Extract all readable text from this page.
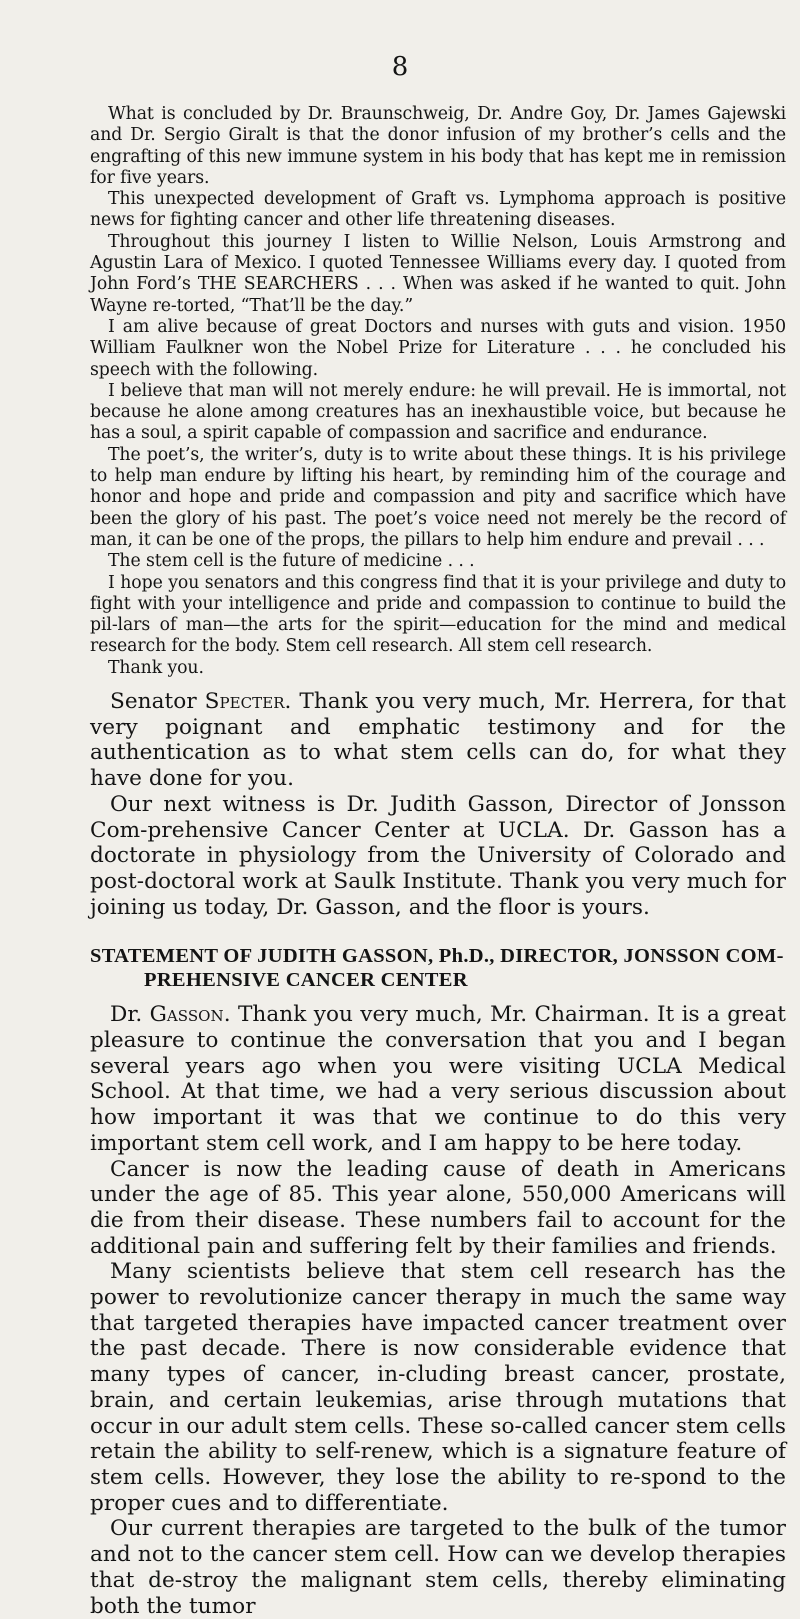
8

What is concluded by Dr. Braunschweig, Dr. Andre Goy, Dr. James Gajewski and Dr. Sergio Giralt is that the donor infusion of my brother’s cells and the engrafting of this new immune system in his body that has kept me in remission for five years.

This unexpected development of Graft vs. Lymphoma approach is positive news for fighting cancer and other life threatening diseases.

Throughout this journey I listen to Willie Nelson, Louis Armstrong and Agustin Lara of Mexico. I quoted Tennessee Williams every day. I quoted from John Ford’s THE SEARCHERS . . . When was asked if he wanted to quit. John Wayne re-torted, “That’ll be the day.”

I am alive because of great Doctors and nurses with guts and vision. 1950 William Faulkner won the Nobel Prize for Literature . . . he concluded his speech with the following.

I believe that man will not merely endure: he will prevail. He is immortal, not because he alone among creatures has an inexhaustible voice, but because he has a soul, a spirit capable of compassion and sacrifice and endurance.

The poet’s, the writer’s, duty is to write about these things. It is his privilege to help man endure by lifting his heart, by reminding him of the courage and honor and hope and pride and compassion and pity and sacrifice which have been the glory of his past. The poet’s voice need not merely be the record of man, it can be one of the props, the pillars to help him endure and prevail . . .

The stem cell is the future of medicine . . .

I hope you senators and this congress find that it is your privilege and duty to fight with your intelligence and pride and compassion to continue to build the pil-lars of man—the arts for the spirit—education for the mind and medical research for the body. Stem cell research. All stem cell research.

Thank you.

Senator Specter. Thank you very much, Mr. Herrera, for that very poignant and emphatic testimony and for the authentication as to what stem cells can do, for what they have done for you.

Our next witness is Dr. Judith Gasson, Director of Jonsson Com-prehensive Cancer Center at UCLA. Dr. Gasson has a doctorate in physiology from the University of Colorado and post-doctoral work at Saulk Institute. Thank you very much for joining us today, Dr. Gasson, and the floor is yours.

STATEMENT OF JUDITH GASSON, Ph.D., DIRECTOR, JONSSON COM-
PREHENSIVE CANCER CENTER

Dr. Gasson. Thank you very much, Mr. Chairman. It is a great pleasure to continue the conversation that you and I began several years ago when you were visiting UCLA Medical School. At that time, we had a very serious discussion about how important it was that we continue to do this very important stem cell work, and I am happy to be here today.

Cancer is now the leading cause of death in Americans under the age of 85. This year alone, 550,000 Americans will die from their disease. These numbers fail to account for the additional pain and suffering felt by their families and friends.

Many scientists believe that stem cell research has the power to revolutionize cancer therapy in much the same way that targeted therapies have impacted cancer treatment over the past decade. There is now considerable evidence that many types of cancer, in-cluding breast cancer, prostate, brain, and certain leukemias, arise through mutations that occur in our adult stem cells. These so-called cancer stem cells retain the ability to self-renew, which is a signature feature of stem cells. However, they lose the ability to re-spond to the proper cues and to differentiate.

Our current therapies are targeted to the bulk of the tumor and not to the cancer stem cell. How can we develop therapies that de-stroy the malignant stem cells, thereby eliminating both the tumor
